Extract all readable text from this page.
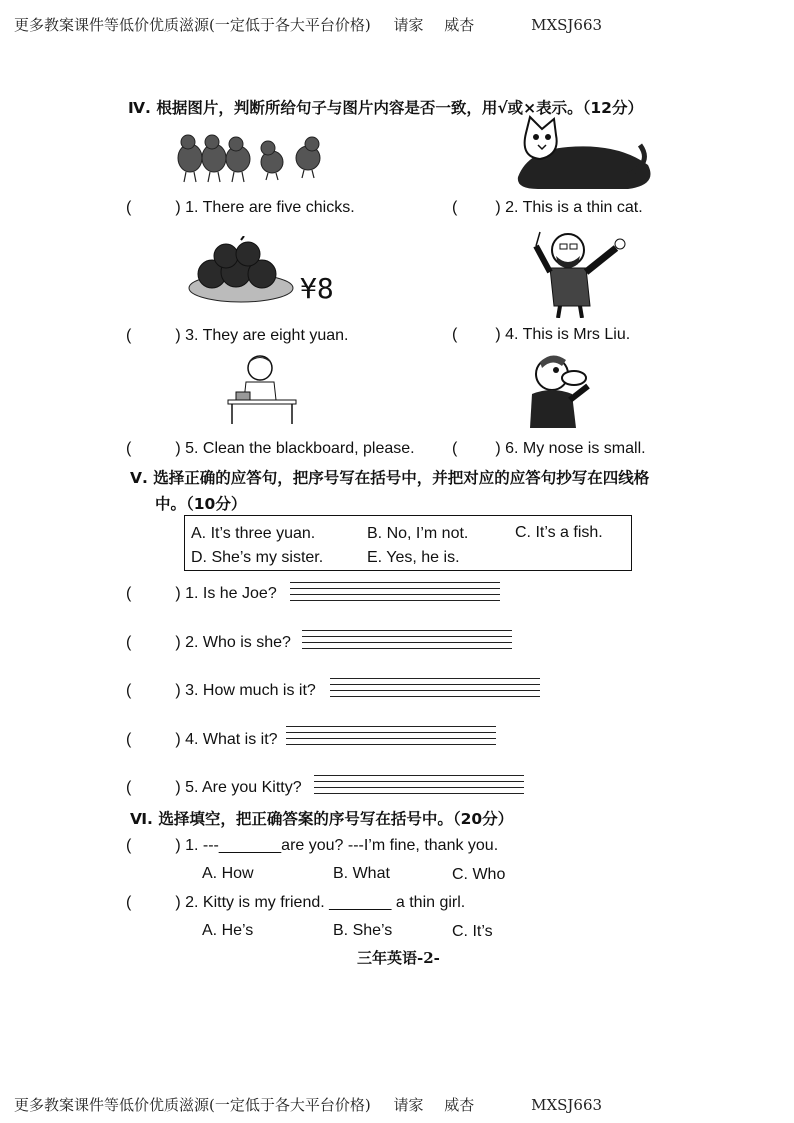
更多教案课件等低价优质滋源(一定低于各大平台价格) 请家 威杏	MXSJ663
Ⅳ. 根据图片，判断所给句子与图片内容是否一致，用√或×表示。（12分）
(	) 1. There are five chicks.	( ) 2. This is a thin cat.
¥8
(	) 3. They are eight yuan.	( ) 4. This is Mrs Liu.
(	) 5. Clean the blackboard, please. ( ) 6. My nose is small.
Ⅴ. 选择正确的应答句，把序号写在括号中，并把对应的应答句抄写在四线格
中。（10分）
A. It’s three yuan.	B. No, I’m not.	C. It’s a fish.
D. She’s my sister.	E. Yes, he is.
(	) 1. Is he Joe?
(	) 2. Who is she?
(	) 3. How much is it?
(	) 4. What is it?
(	) 5. Are you Kitty?
Ⅵ. 选择填空，把正确答案的序号写在括号中。（20分）
(	) 1. ---_______are you? ---I’m fine, thank you.
A. How	B. What	C. Who
(	) 2. Kitty is my friend. _______ a thin girl.
A. He’s	B. She’s	C. It’s
三年英语-2-
更多教案课件等低价优质滋源(一定低于各大平台价格) 请家 威杏	MXSJ663
